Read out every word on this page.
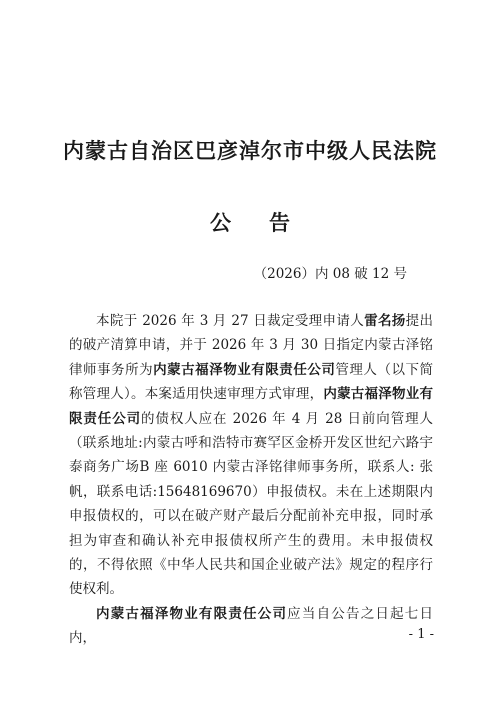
内蒙古自治区巴彦淖尔市中级人民法院
公告
（2026）内 08 破 12 号

本院于 2026 年 3 月 27 日裁定受理申请人雷名扬提出的破产清算申请，并于 2026 年 3 月 30 日指定内蒙古泽铭律师事务所为内蒙古福泽物业有限责任公司管理人（以下简称管理人）。本案适用快速审理方式审理，内蒙古福泽物业有限责任公司的债权人应在 2026 年 4 月 28 日前向管理人（联系地址:内蒙古呼和浩特市赛罕区金桥开发区世纪六路宇泰商务广场B 座 6010 内蒙古泽铭律师事务所，联系人: 张帆，联系电话:15648169670）申报债权。未在上述期限内申报债权的，可以在破产财产最后分配前补充申报，同时承担为审查和确认补充申报债权所产生的费用。未申报债权的，不得依照《中华人民共和国企业破产法》规定的程序行使权利。

内蒙古福泽物业有限责任公司应当自公告之日起七日内，	- 1 -
